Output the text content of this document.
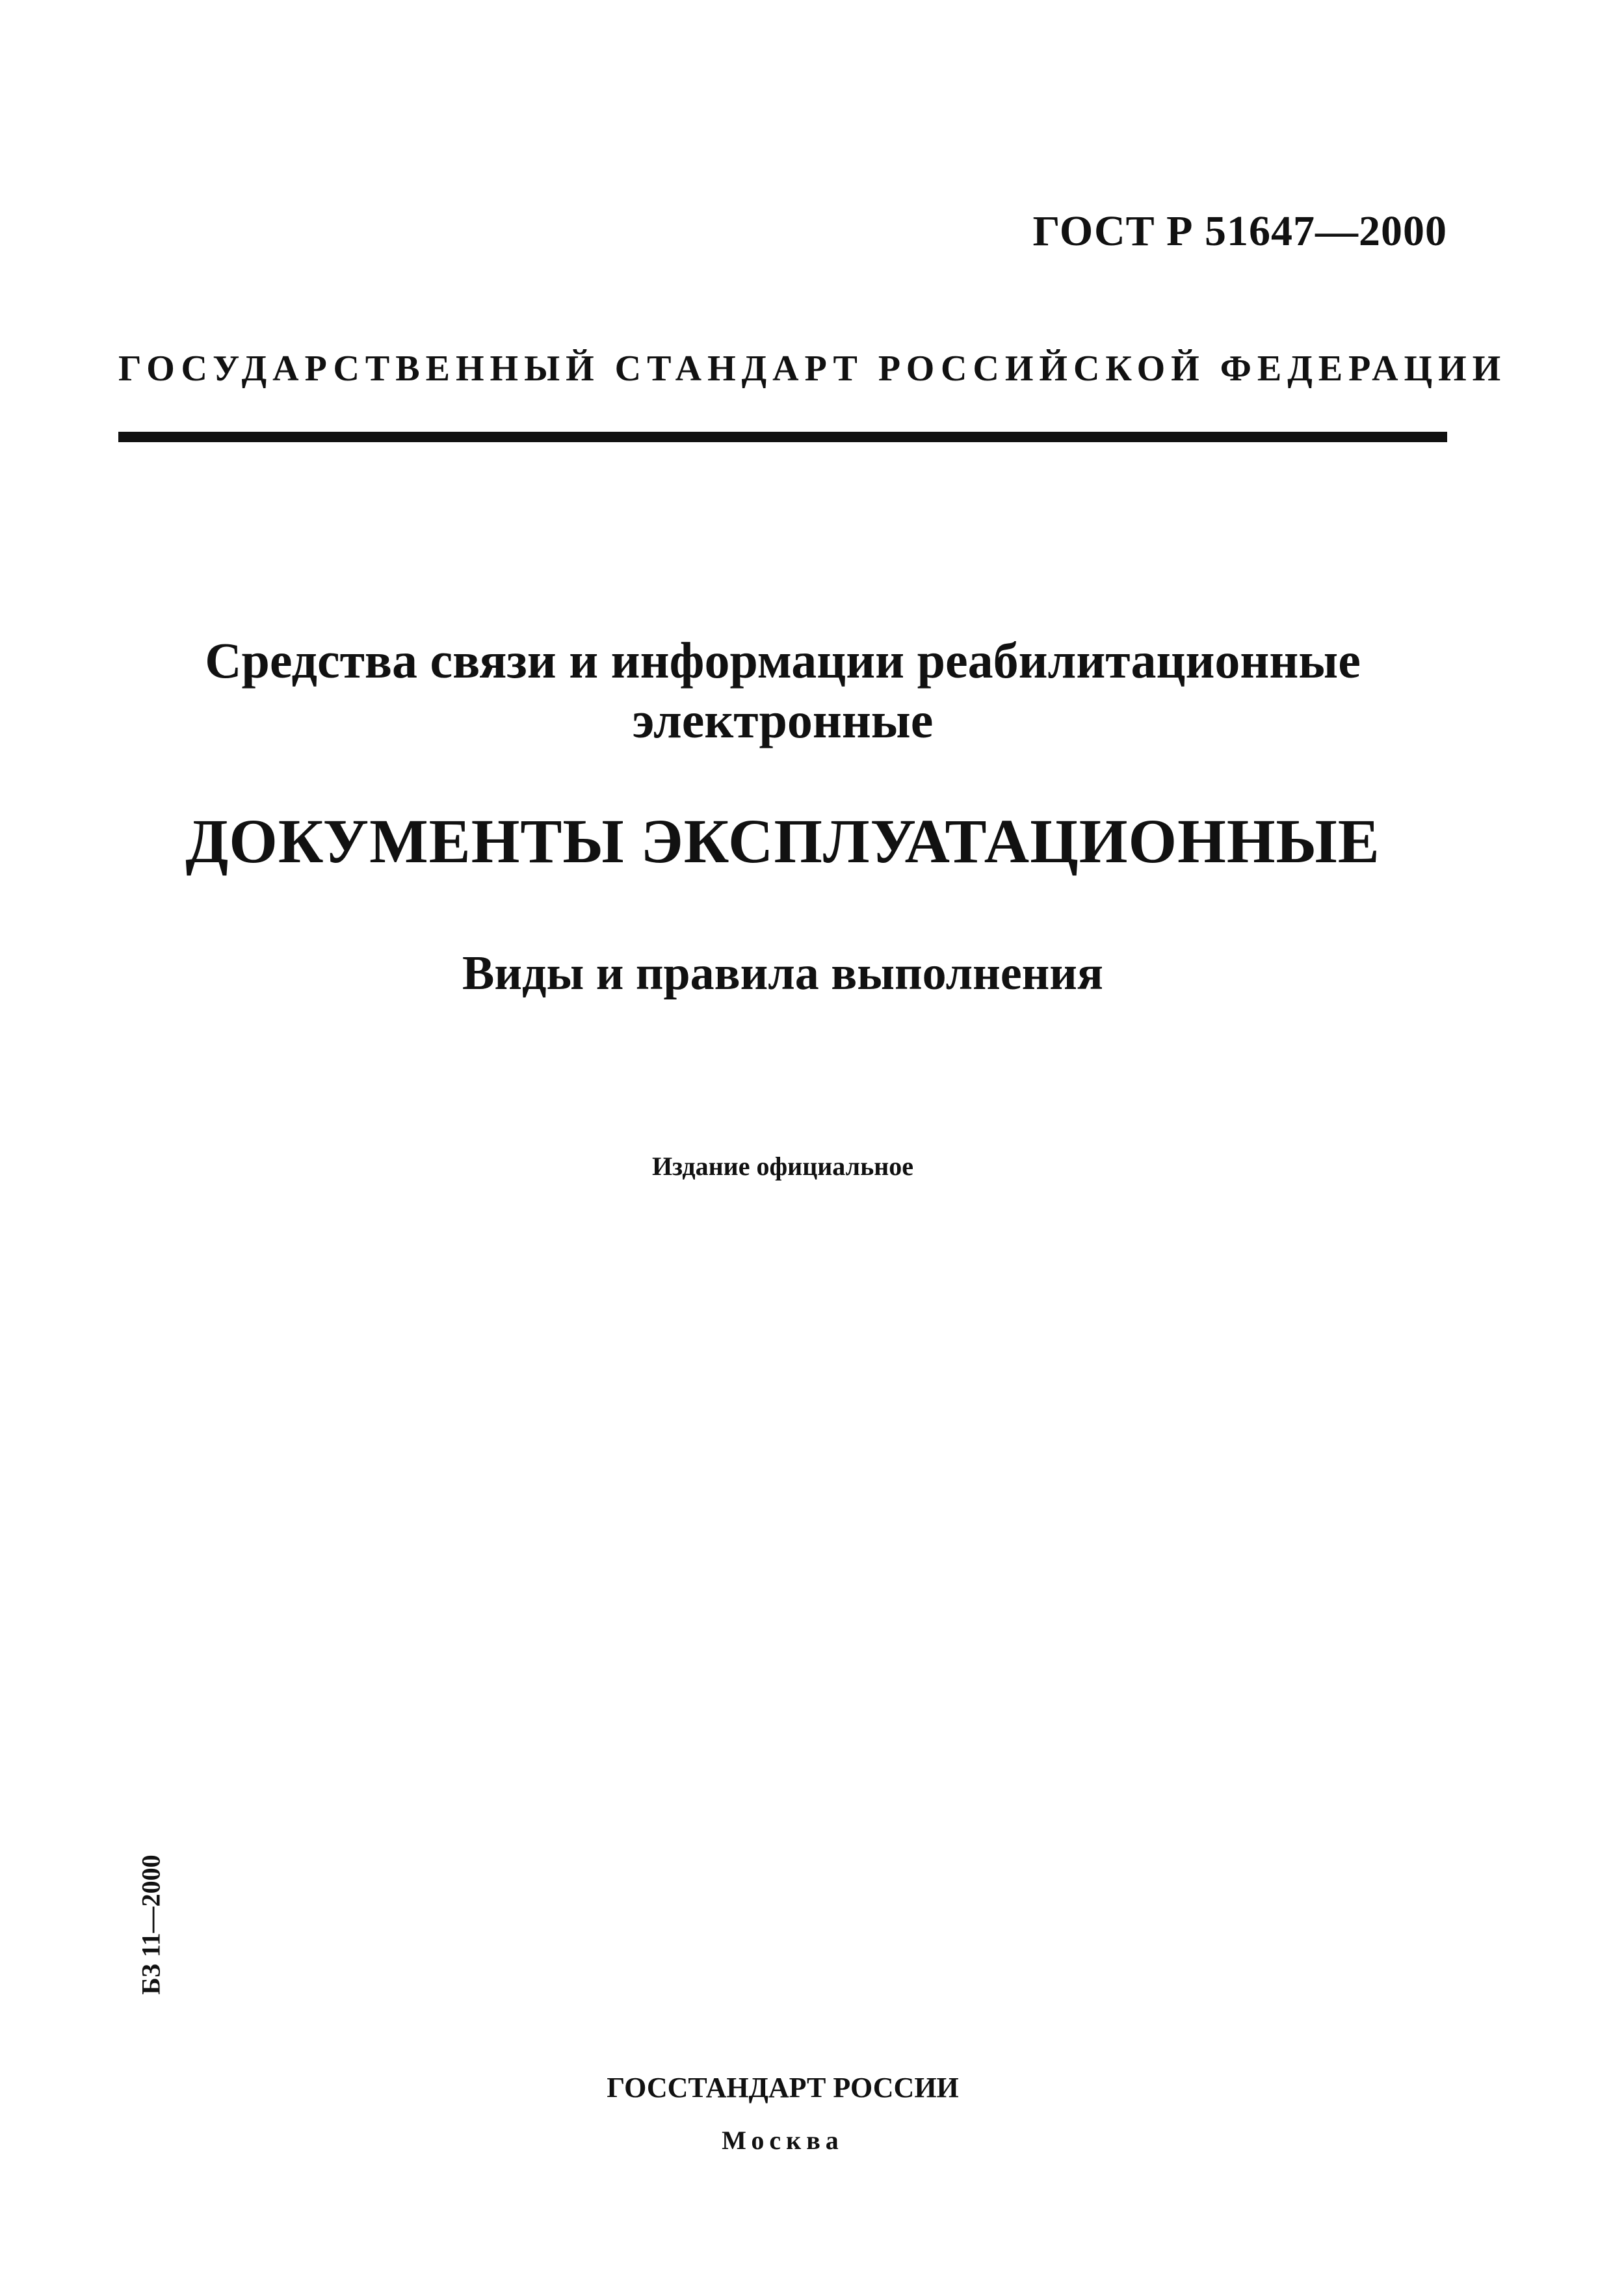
ГОСТ Р 51647—2000
ГОСУДАРСТВЕННЫЙ СТАНДАРТ РОССИЙСКОЙ ФЕДЕРАЦИИ
Средства связи и информации реабилитационные
электронные
ДОКУМЕНТЫ ЭКСПЛУАТАЦИОННЫЕ
Виды и правила выполнения
Издание официальное
БЗ 11—2000
ГОССТАНДАРТ РОССИИ
Москва
